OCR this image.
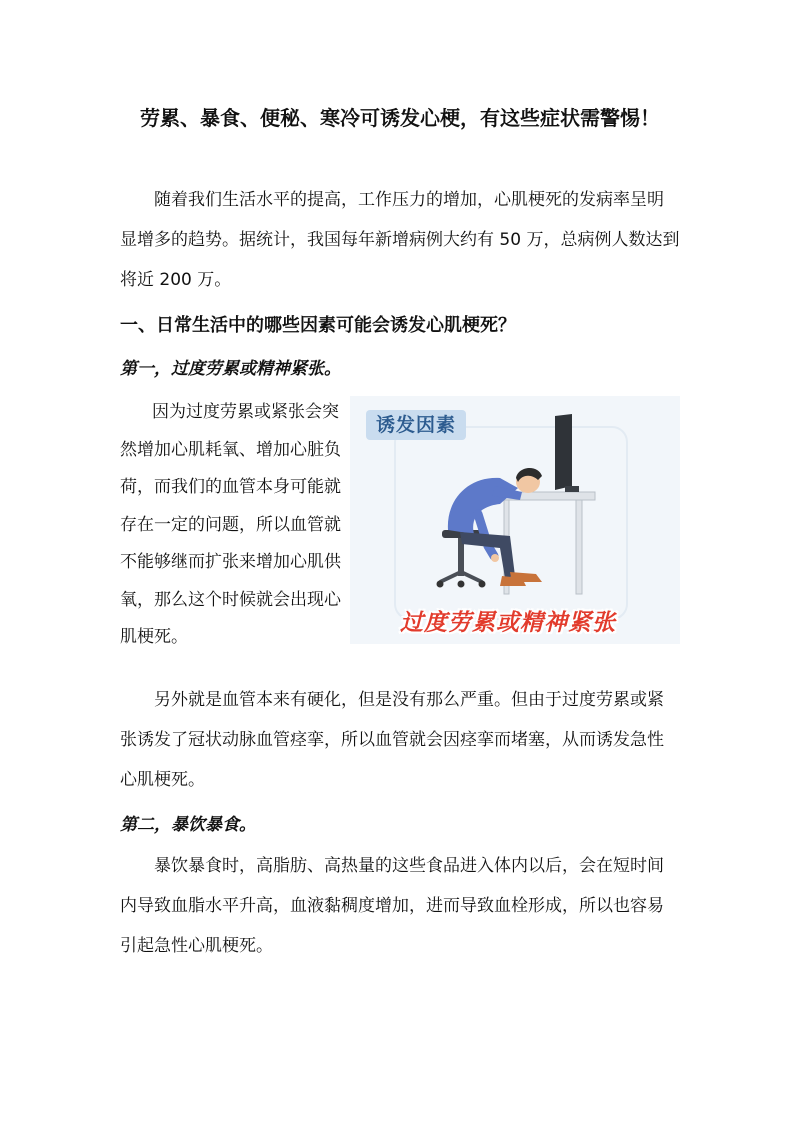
劳累、暴食、便秘、寒冷可诱发心梗，有这些症状需警惕！

随着我们生活水平的提高，工作压力的增加，心肌梗死的发病率呈明显增多的趋势。据统计，我国每年新增病例大约有 50 万，总病例人数达到将近 200 万。

一、日常生活中的哪些因素可能会诱发心肌梗死？
第一，过度劳累或精神紧张。

因为过度劳累或紧张会突然增加心肌耗氧、增加心脏负荷，而我们的血管本身可能就存在一定的问题，所以血管就不能够继而扩张来增加心肌供氧，那么这个时候就会出现心肌梗死。

诱发因素
过度劳累或精神紧张

另外就是血管本来有硬化，但是没有那么严重。但由于过度劳累或紧张诱发了冠状动脉血管痉挛，所以血管就会因痉挛而堵塞，从而诱发急性心肌梗死。

第二，暴饮暴食。

暴饮暴食时，高脂肪、高热量的这些食品进入体内以后，会在短时间内导致血脂水平升高，血液黏稠度增加，进而导致血栓形成，所以也容易引起急性心肌梗死。
